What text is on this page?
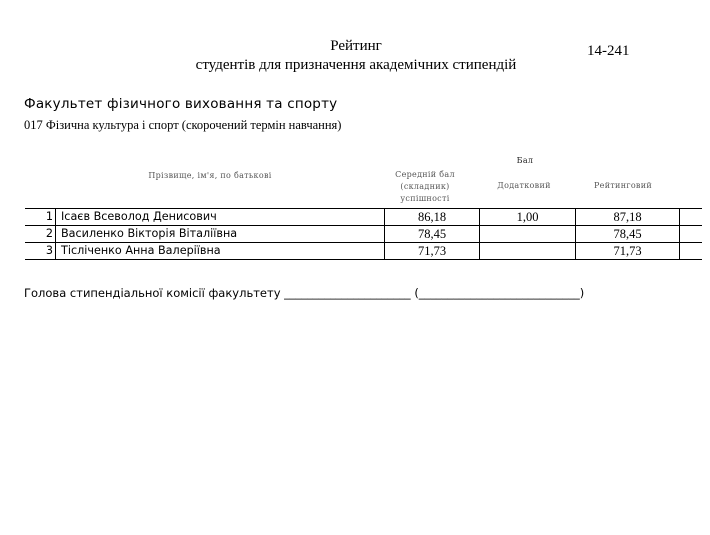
Рейтинг
студентів для призначення академічних стипендій
14-241
Факультет фізичного виховання та спорту
017 Фізична культура і спорт (скорочений термін навчання)
Прізвище, ім'я, по батькові
Бал
Середній бал
(складник)
успішності
Додатковий	Рейтинговий
1	Ісаєв Всеволод Денисович	86,18	1,00	87,18	
2	Василенко Вікторія Віталіївна	78,45		78,45	
3	Тісліченко Анна Валеріївна	71,73		71,73	
Голова стипендіальної комісії факультету ______________________ (____________________________)
